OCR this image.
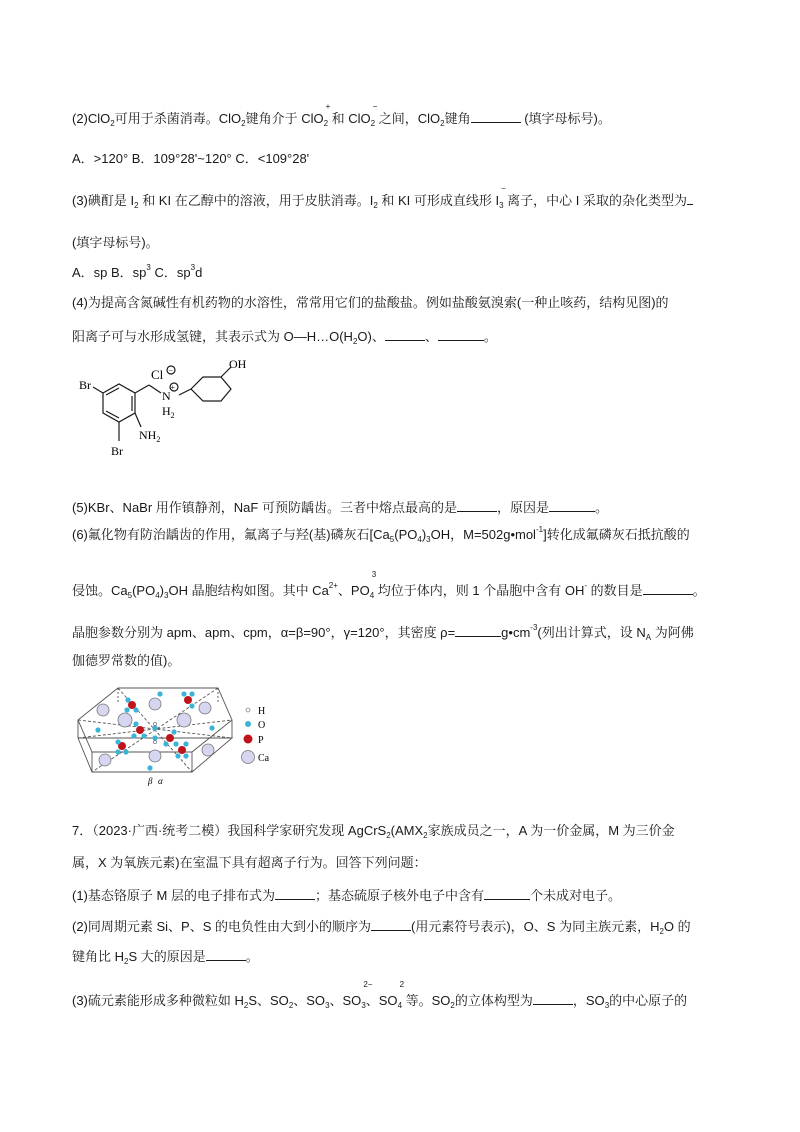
(2)ClO$_2$可用于杀菌消毒。ClO$_2$键角介于 ClO
+
$_2$ 和 ClO
−
$_2$ 之间，ClO$_2$键角	(填字母标号)。
A．>120° B．109°28'~120° C．<109°28'
(3)碘酊是 $I_2$ 和 KI 在乙醇中的溶液，用于皮肤消毒。$I_2$ 和 KI 可形成直线形 I
−
$_3$ 离子，中心 I 采取的杂化类型为
(填字母标号)。
A．sp B．$sp^3$ C．$sp^3d$
(4)为提高含氮碱性有机药物的水溶性，常常用它们的盐酸盐。例如盐酸氨溴索(一种止咳药，结构见图)的
阳离子可与水形成氢键，其表示式为 $O—H\dots O(H_2O)$、	、	。
Br
Br
Cl −
+
N
$H_2$
$NH_2$
OH
(5)KBr、NaBr 用作镇静剂，NaF 可预防龋齿。三者中熔点最高的是	，原因是	。
(6)氟化物有防治龋齿的作用，氟离子与羟(基)磷灰石[$Ca_5(PO_4)_3OH$，M=502g•mol$^{-1}$]转化成氟磷灰石抵抗酸的
侵蚀。$Ca_5(PO_4)_3OH$ 晶胞结构如图。其中 $Ca^{2+}$、PO
3
$_4$ 均位于体内，则 1 个晶胞中含有 OH- 的数目是	。
晶胞参数分别为 apm、apm、cpm，α=β=90°，γ=120°，其密度 ρ=	$g•cm^{-3}$(列出计算式，设 $N_A$ 为阿佛
伽德罗常数的值)。
β α
H
O
P
Ca
7．（2023·广西·统考二模）我国科学家研究发现 $AgCrS_2(AMX_2$家族成员之一，A 为一价金属，M 为三价金
属，X 为氧族元素)在室温下具有超离子行为。回答下列问题：
(1)基态铬原子 M 层的电子排布式为	；基态硫原子核外电子中含有	个未成对电子。
(2)同周期元素 Si、P、S 的电负性由大到小的顺序为	(用元素符号表示)，O、S 为同主族元素，$H_2O$ 的
键角比 $H_2S$ 大的原因是	。
(3)硫元素能形成多种微粒如 $H_2S$、$SO_2$、$SO_3$、SO
2−
$_3$、SO
2
$_4$ 等。$SO_2$的立体构型为	，$SO_3$的中心原子的
